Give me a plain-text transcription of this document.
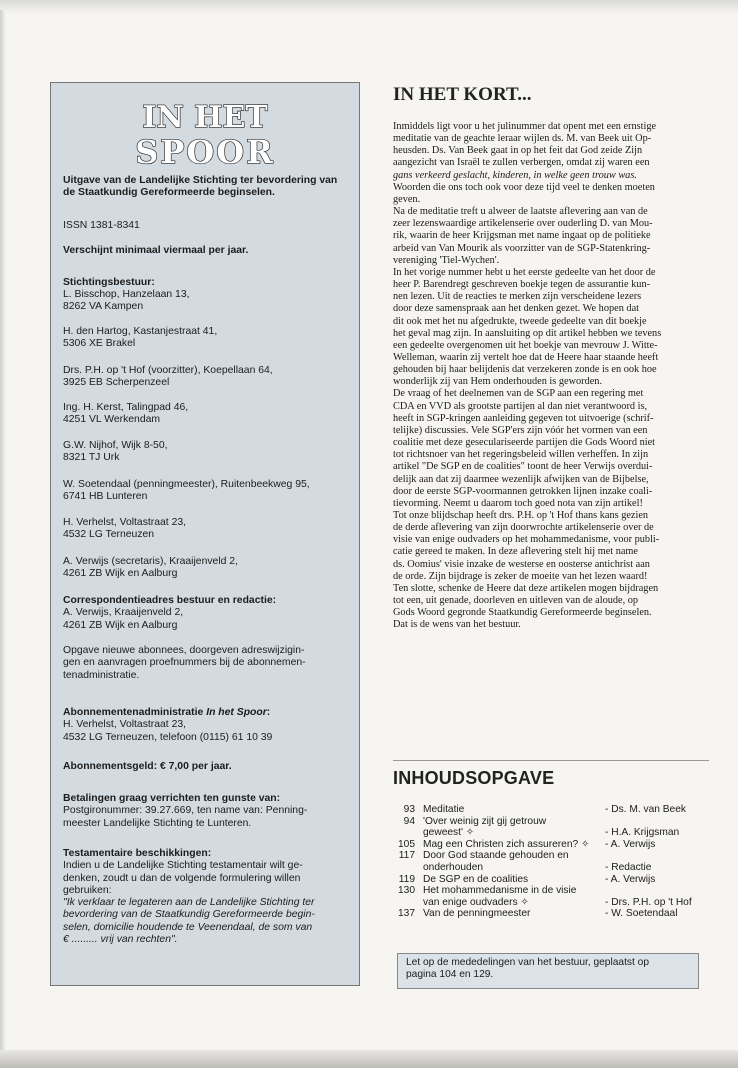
IN HET
SPOOR
Uitgave van de Landelijke Stichting ter bevordering van de Staatkundig Gereformeerde beginselen.
ISSN 1381-8341
Verschijnt minimaal viermaal per jaar.
Stichtingsbestuur:
L. Bisschop, Hanzelaan 13,
8262 VA Kampen
H. den Hartog, Kastanjestraat 41,
5306 XE Brakel
Drs. P.H. op 't Hof (voorzitter), Koepellaan 64,
3925 EB Scherpenzeel
Ing. H. Kerst, Talingpad 46,
4251 VL Werkendam
G.W. Nijhof, Wijk 8-50,
8321 TJ Urk
W. Soetendaal (penningmeester), Ruitenbeekweg 95,
6741 HB Lunteren
H. Verhelst, Voltastraat 23,
4532 LG Terneuzen
A. Verwijs (secretaris), Kraaijenveld 2,
4261 ZB Wijk en Aalburg
Correspondentieadres bestuur en redactie:
A. Verwijs, Kraaijenveld 2,
4261 ZB Wijk en Aalburg
Opgave nieuwe abonnees, doorgeven adreswijzigin-
gen en aanvragen proefnummers bij de abonnemen-
tenadministratie.
Abonnementenadministratie In het Spoor:
H. Verhelst, Voltastraat 23,
4532 LG Terneuzen, telefoon (0115) 61 10 39
Abonnementsgeld: € 7,00 per jaar.
Betalingen graag verrichten ten gunste van:
Postgironummer: 39.27.669, ten name van: Penning-
meester Landelijke Stichting te Lunteren.
Testamentaire beschikkingen:
Indien u de Landelijke Stichting testamentair wilt ge-
denken, zoudt u dan de volgende formulering willen
gebruiken:
"Ik verklaar te legateren aan de Landelijke Stichting ter
bevordering van de Staatkundig Gereformeerde begin-
selen, domicilie houdende te Veenendaal, de som van
€ ......... vrij van rechten".
IN HET KORT...
Inmiddels ligt voor u het julinummer dat opent met een ernstige
meditatie van de geachte leraar wijlen ds. M. van Beek uit Op-
heusden. Ds. Van Beek gaat in op het feit dat God zeide Zijn
aangezicht van Israël te zullen verbergen, omdat zij waren een
gans verkeerd geslacht, kinderen, in welke geen trouw was.
Woorden die ons toch ook voor deze tijd veel te denken moeten
geven.
Na de meditatie treft u alweer de laatste aflevering aan van de
zeer lezenswaardige artikelenserie over ouderling D. van Mou-
rik, waarin de heer Krijgsman met name ingaat op de politieke
arbeid van Van Mourik als voorzitter van de SGP-Statenkring-
vereniging 'Tiel-Wychen'.
In het vorige nummer hebt u het eerste gedeelte van het door de
heer P. Barendregt geschreven boekje tegen de assurantie kun-
nen lezen. Uit de reacties te merken zijn verscheidene lezers
door deze samenspraak aan het denken gezet. We hopen dat
dit ook met het nu afgedrukte, tweede gedeelte van dit boekje
het geval mag zijn. In aansluiting op dit artikel hebben we tevens
een gedeelte overgenomen uit het boekje van mevrouw J. Witte-
Welleman, waarin zij vertelt hoe dat de Heere haar staande heeft
gehouden bij haar belijdenis dat verzekeren zonde is en ook hoe
wonderlijk zij van Hem onderhouden is geworden.
De vraag of het deelnemen van de SGP aan een regering met
CDA en VVD als grootste partijen al dan niet verantwoord is,
heeft in SGP-kringen aanleiding gegeven tot uitvoerige (schrif-
telijke) discussies. Vele SGP'ers zijn vóór het vormen van een
coalitie met deze geseculariseerde partijen die Gods Woord niet
tot richtsnoer van het regeringsbeleid willen verheffen. In zijn
artikel "De SGP en de coalities" toont de heer Verwijs overdui-
delijk aan dat zij daarmee wezenlijk afwijken van de Bijbelse,
door de eerste SGP-voormannen getrokken lijnen inzake coali-
tievorming. Neemt u daarom toch goed nota van zijn artikel!
Tot onze blijdschap heeft drs. P.H. op 't Hof thans kans gezien
de derde aflevering van zijn doorwrochte artikelenserie over de
visie van enige oudvaders op het mohammedanisme, voor publi-
catie gereed te maken. In deze aflevering stelt hij met name
ds. Oomius' visie inzake de westerse en oosterse antichrist aan
de orde. Zijn bijdrage is zeker de moeite van het lezen waard!
Ten slotte, schenke de Heere dat deze artikelen mogen bijdragen
tot een, uit genade, doorleven en uitleven van de aloude, op
Gods Woord gegronde Staatkundig Gereformeerde beginselen.
Dat is de wens van het bestuur.
INHOUDSOPGAVE
93 Meditatie	- Ds. M. van Beek
94 'Over weinig zijt gij getrouw
geweest' ✧	- H.A. Krijgsman
105 Mag een Christen zich assureren? ✧	- A. Verwijs
117 Door God staande gehouden en
onderhouden	- Redactie
119 De SGP en de coalities	- A. Verwijs
130 Het mohammedanisme in de visie
van enige oudvaders ✧	- Drs. P.H. op 't Hof
137 Van de penningmeester	- W. Soetendaal
Let op de mededelingen van het bestuur, geplaatst op
pagina 104 en 129.
